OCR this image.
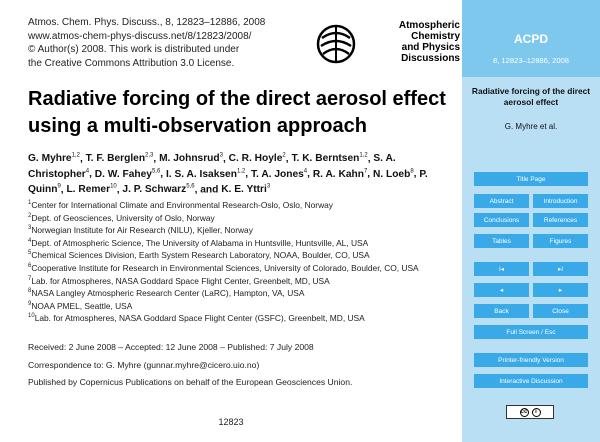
Atmos. Chem. Phys. Discuss., 8, 12823–12886, 2008
www.atmos-chem-phys-discuss.net/8/12823/2008/
© Author(s) 2008. This work is distributed under
the Creative Commons Attribution 3.0 License.
Atmospheric
Chemistry
and Physics
Discussions
Radiative forcing of the direct aerosol effect using a multi-observation approach
G. Myhre$^{1,2}$, T. F. Berglen$^{2,3}$, M. Johnsrud$^3$, C. R. Hoyle$^2$, T. K. Berntsen$^{1,2}$, S. A. Christopher$^4$, D. W. Fahey$^{5,6}$, I. S. A. Isaksen$^{1,2}$, T. A. Jones$^4$, R. A. Kahn$^7$, N. Loeb$^8$, P. Quinn$^9$, L. Remer$^{10}$, J. P. Schwarz$^{5,6}$, and K. E. Yttri$^3$
$^1$Center for International Climate and Environmental Research-Oslo, Oslo, Norway
$^2$Dept. of Geosciences, University of Oslo, Norway
$^3$Norwegian Institute for Air Research (NILU), Kjeller, Norway
$^4$Dept. of Atmospheric Science, The University of Alabama in Huntsville, Huntsville, AL, USA
$^5$Chemical Sciences Division, Earth System Research Laboratory, NOAA, Boulder, CO, USA
$^6$Cooperative Institute for Research in Environmental Sciences, University of Colorado, Boulder, CO, USA
$^7$Lab. for Atmospheres, NASA Goddard Space Flight Center, Greenbelt, MD, USA
$^8$NASA Langley Atmospheric Research Center (LaRC), Hampton, VA, USA
$^9$NOAA PMEL, Seattle, USA
$^{10}$Lab. for Atmospheres, NASA Goddard Space Flight Center (GSFC), Greenbelt, MD, USA
Received: 2 June 2008 – Accepted: 12 June 2008 – Published: 7 July 2008
Correspondence to: G. Myhre (gunnar.myhre@cicero.uio.no)
Published by Copernicus Publications on behalf of the European Geosciences Union.
12823
ACPD
8, 12823–12886, 2008
Radiative forcing of the direct aerosol effect
G. Myhre et al.
Title Page
Abstract	Introduction
Conclusions	References
Tables	Figures
I◂	▸I
◂	▸
Back	Close
Full Screen / Esc
Printer-friendly Version
Interactive Discussion
cc	i
